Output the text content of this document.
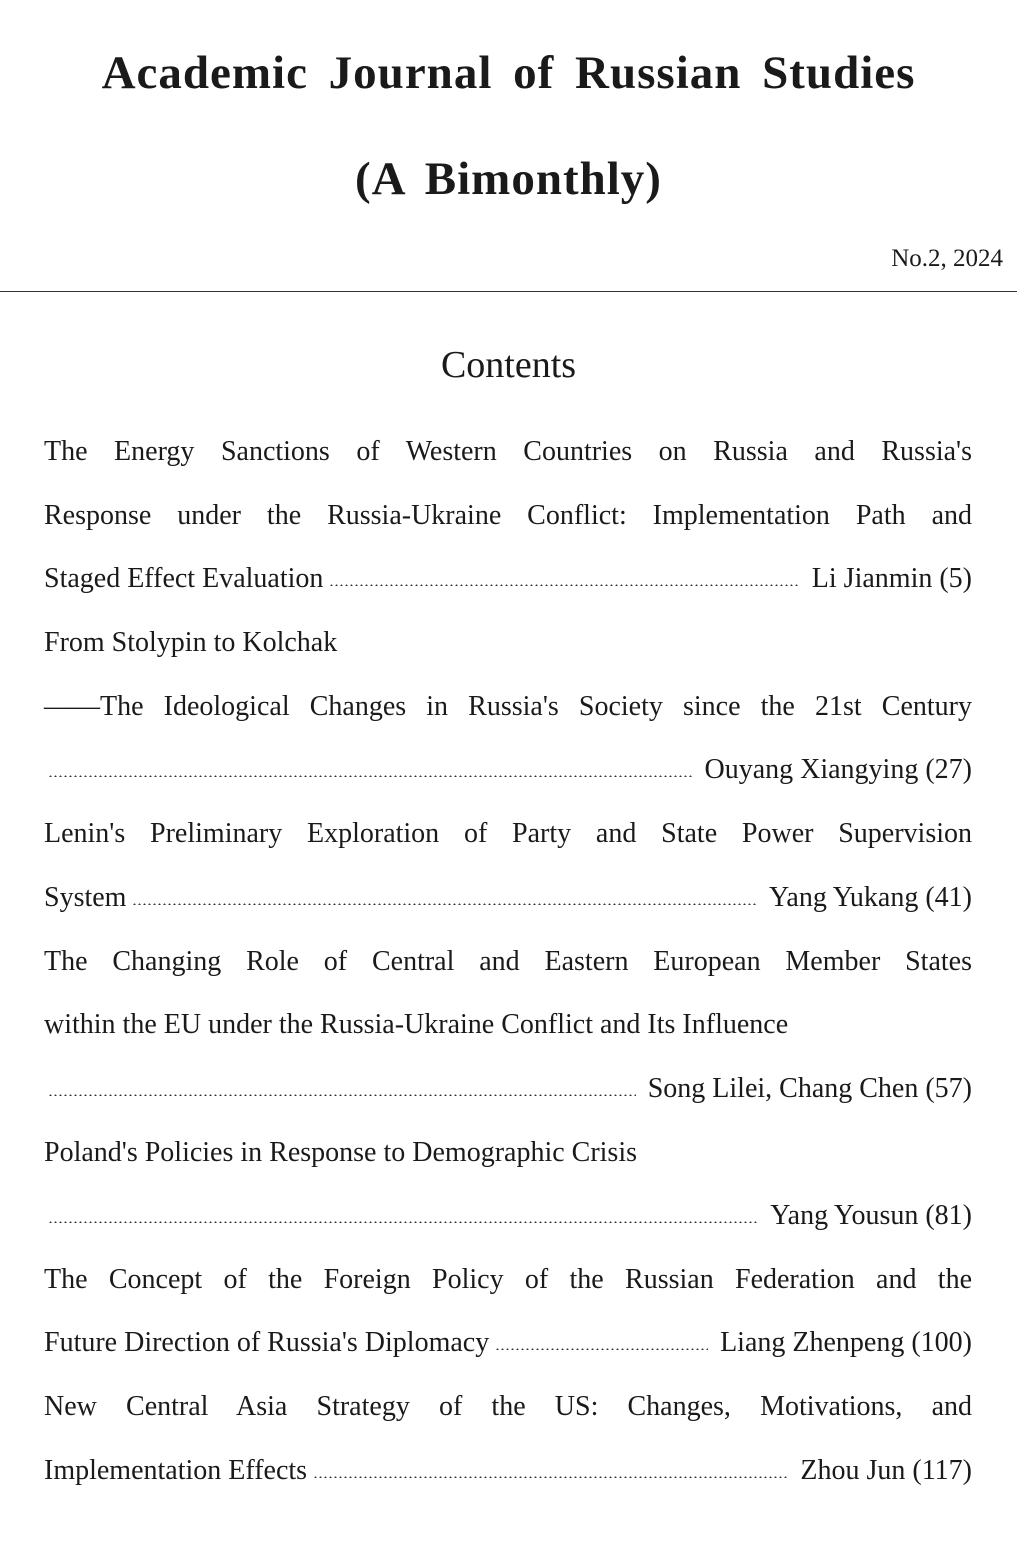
Academic Journal of Russian Studies
(A Bimonthly)
No.2, 2024
Contents
The Energy Sanctions of Western Countries on Russia and Russia's
Response under the Russia-Ukraine Conflict: Implementation Path and
Staged Effect Evaluation	Li Jianmin (5)
From Stolypin to Kolchak
——The Ideological Changes in Russia's Society since the 21st Century
Ouyang Xiangying (27)
Lenin's Preliminary Exploration of Party and State Power Supervision
System	Yang Yukang (41)
The Changing Role of Central and Eastern European Member States
within the EU under the Russia-Ukraine Conflict and Its Influence
Song Lilei, Chang Chen (57)
Poland's Policies in Response to Demographic Crisis
Yang Yousun (81)
The Concept of the Foreign Policy of the Russian Federation and the
Future Direction of Russia's Diplomacy	Liang Zhenpeng (100)
New Central Asia Strategy of the US: Changes, Motivations, and
Implementation Effects	Zhou Jun (117)
